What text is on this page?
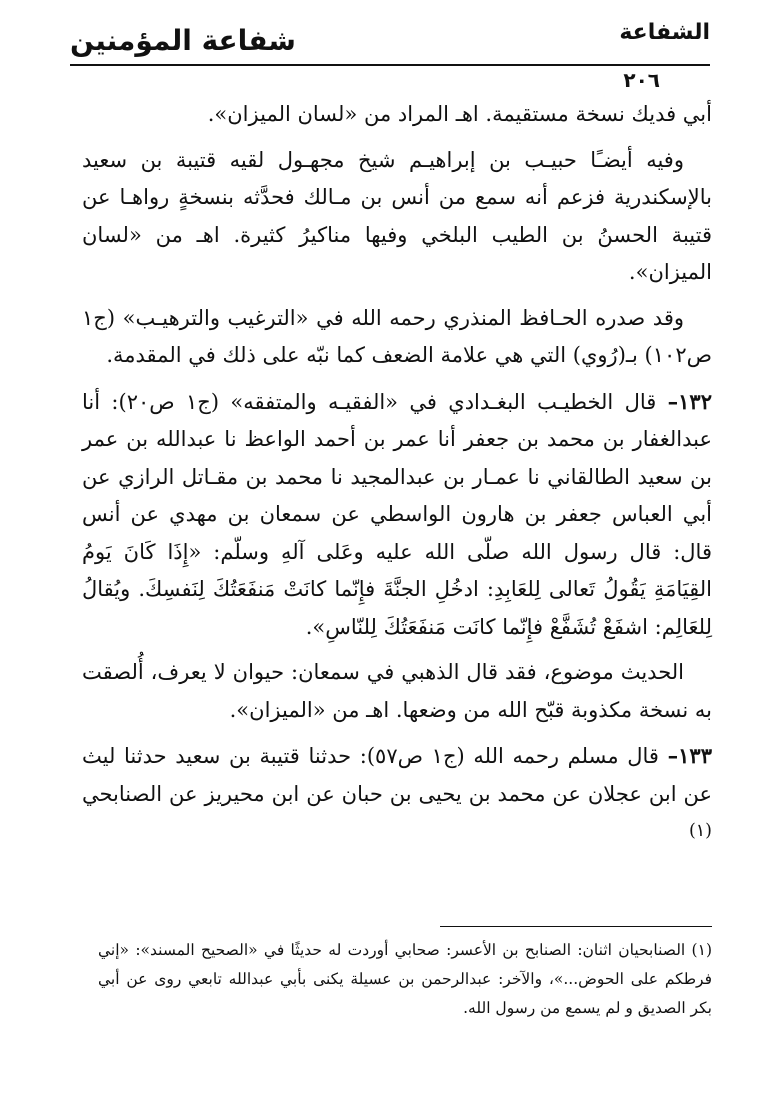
شفاعة المؤمنين	الشفاعة
٢٠٦

أبي فديك نسخة مستقيمة. اهـ المراد من «لسان الميزان».

وفيه أيضـًا حبيـب بن إبراهيـم شيخ مجهـول لقيه قتيبة بن سعيد بالإسكندرية فزعم أنه سمع من أنس بن مـالك فحدَّثه بنسخةٍ رواهـا عن قتيبة الحسنُ بن الطيب البلخي وفيها مناكيرُ كثيرة. اهـ من «لسان الميزان».

وقد صدره الحـافظ المنذري رحمه الله في «الترغيب والترهيـب» (ج١ ص١٠٢) بـ(رُوي) التي هي علامة الضعف كما نبّه على ذلك في المقدمة.

١٣٢– قال الخطيـب البغـدادي في «الفقيـه والمتفقه» (ج١ ص٢٠): أنا عبدالغفار بن محمد بن جعفر أنا عمر بن أحمد الواعظ نا عبدالله بن عمر بن سعيد الطالقاني نا عمـار بن عبدالمجيد نا محمد بن مقـاتل الرازي عن أبي العباس جعفر بن هارون الواسطي عن سمعان بن مهدي عن أنس قال: قال رسول الله صلّى الله عليه وعَلى آلهِ وسلّم: «إِذَا كَانَ يَومُ القِيَامَةِ يَقُولُ تَعالى لِلعَابِدِ: ادخُلِ الجنَّةَ فإِنّما كانَتْ مَنفَعَتُكَ لِنَفسِكَ. ويُقالُ لِلعَالِم: اشفَعْ تُشَفَّعْ فإِنّما كانَت مَنفَعَتُكَ لِلنّاسِ».

الحديث موضوع، فقد قال الذهبي في سمعان: حيوان لا يعرف، أُلصقت به نسخة مكذوبة قبّح الله من وضعها. اهـ من «الميزان».

١٣٣– قال مسلم رحمه الله (ج١ ص٥٧): حدثنا قتيبة بن سعيد حدثنا ليث عن ابن عجلان عن محمد بن يحيى بن حبان عن ابن محيريز عن الصنابحي $^{(١)}$

(١) الصنابحيان اثنان: الصنابح بن الأعسر: صحابي أوردت له حديثًا في «الصحيح المسند»: «إني فرطكم على الحوض...»، والآخر: عبدالرحمن بن عسيلة يكنى بأبي عبدالله تابعي روى عن أبي بكر الصديق و لم يسمع من رسول الله.
